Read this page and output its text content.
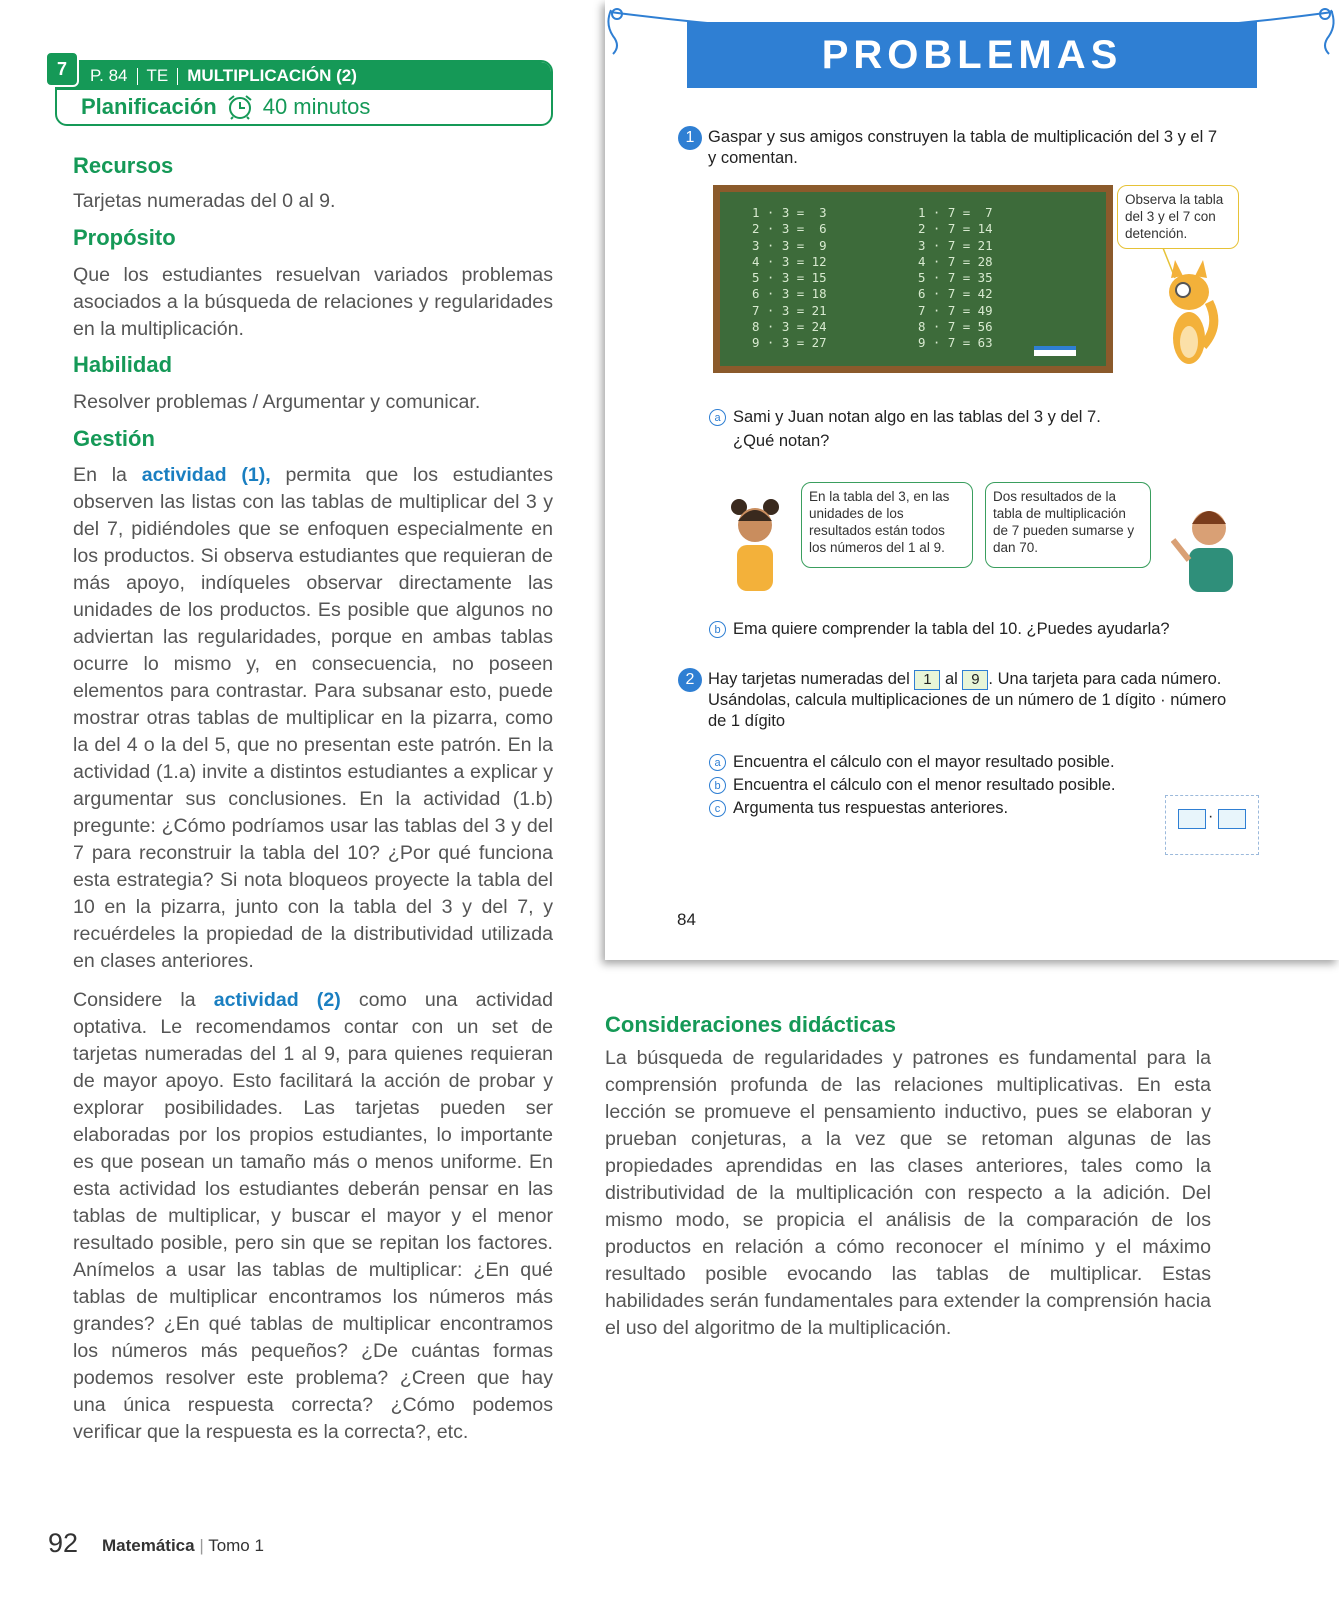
7	P. 84	TE	MULTIPLICACIÓN (2)
Planificación 40 minutos
Recursos
Tarjetas numeradas del 0 al 9.
Propósito
Que los estudiantes resuelvan variados problemas asociados a la búsqueda de relaciones y regularidades en la multiplicación.
Habilidad
Resolver problemas / Argumentar y comunicar.
Gestión
En la actividad (1), permita que los estudiantes observen las listas con las tablas de multiplicar del 3 y del 7, pidiéndoles que se enfoquen especialmente en los productos. Si observa estudiantes que requieran de más apoyo, indíqueles observar directamente las unidades de los productos. Es posible que algunos no adviertan las regularidades, porque en ambas tablas ocurre lo mismo y, en consecuencia, no poseen elementos para contrastar. Para subsanar esto, puede mostrar otras tablas de multiplicar en la pizarra, como la del 4 o la del 5, que no presentan este patrón. En la actividad (1.a) invite a distintos estudiantes a explicar y argumentar sus conclusiones. En la actividad (1.b) pregunte: ¿Cómo podríamos usar las tablas del 3 y del 7 para reconstruir la tabla del 10? ¿Por qué funciona esta estrategia? Si nota bloqueos proyecte la tabla del 10 en la pizarra, junto con la tabla del 3 y del 7, y recuérdeles la propiedad de la distributividad utilizada en clases anteriores.
Considere la actividad (2) como una actividad optativa. Le recomendamos contar con un set de tarjetas numeradas del 1 al 9, para quienes requieran de mayor apoyo. Esto facilitará la acción de probar y explorar posibilidades. Las tarjetas pueden ser elaboradas por los propios estudiantes, lo importante es que posean un tamaño más o menos uniforme. En esta actividad los estudiantes deberán pensar en las tablas de multiplicar, y buscar el mayor y el menor resultado posible, pero sin que se repitan los factores. Anímelos a usar las tablas de multiplicar: ¿En qué tablas de multiplicar encontramos los números más grandes? ¿En qué tablas de multiplicar encontramos los números más pequeños? ¿De cuántas formas podemos resolver este problema? ¿Creen que hay una única respuesta correcta? ¿Cómo podemos verificar que la respuesta es la correcta?, etc.
92 Matemática | Tomo 1
PROBLEMAS
1 Gaspar y sus amigos construyen la tabla de multiplicación del 3 y el 7 y comentan.
1 · 3 =  3
2 · 3 =  6
3 · 3 =  9
4 · 3 = 12
5 · 3 = 15
6 · 3 = 18
7 · 3 = 21
8 · 3 = 24
9 · 3 = 27
1 · 7 =  7
2 · 7 = 14
3 · 7 = 21
4 · 7 = 28
5 · 7 = 35
6 · 7 = 42
7 · 7 = 49
8 · 7 = 56
9 · 7 = 63
Observa la tabla del 3 y el 7 con detención.
a Sami y Juan notan algo en las tablas del 3 y del 7.
¿Qué notan?
En la tabla del 3, en las unidades de los resultados están todos los números del 1 al 9.
Dos resultados de la tabla de multiplicación de 7 pueden sumarse y dan 70.
b Ema quiere comprender la tabla del 10. ¿Puedes ayudarla?
2 Hay tarjetas numeradas del 1 al 9 . Una tarjeta para cada número. Usándolas, calcula multiplicaciones de un número de 1 dígito · número de 1 dígito
a Encuentra el cálculo con el mayor resultado posible.
b Encuentra el cálculo con el menor resultado posible.
c Argumenta tus respuestas anteriores.	·
84
Consideraciones didácticas
La búsqueda de regularidades y patrones es fundamental para la comprensión profunda de las relaciones multiplicativas. En esta lección se promueve el pensamiento inductivo, pues se elaboran y prueban conjeturas, a la vez que se retoman algunas de las propiedades aprendidas en las clases anteriores, tales como la distributividad de la multiplicación con respecto a la adición. Del mismo modo, se propicia el análisis de la comparación de los productos en relación a cómo reconocer el mínimo y el máximo resultado posible evocando las tablas de multiplicar. Estas habilidades serán fundamentales para extender la comprensión hacia el uso del algoritmo de la multiplicación.
